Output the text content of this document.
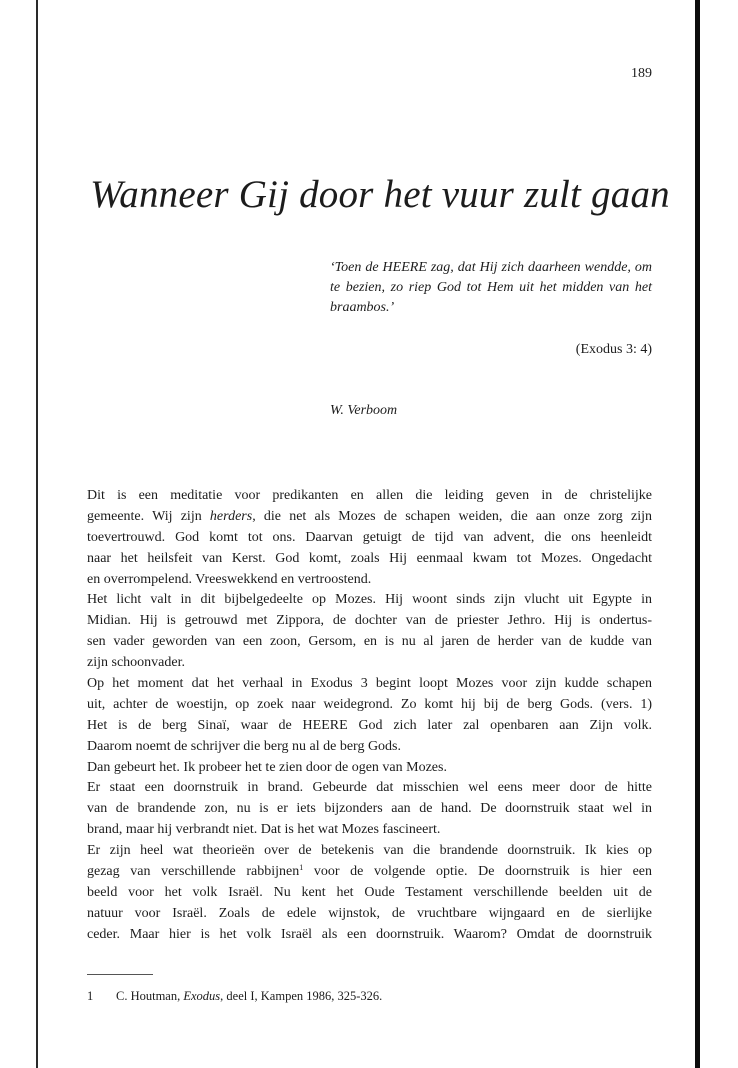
189
Wanneer Gij door het vuur zult gaan
‘Toen de HEERE zag, dat Hij zich daarheen wendde, om te bezien, zo riep God tot Hem uit het midden van het braambos.’
(Exodus 3: 4)
W. Verboom
Dit is een meditatie voor predikanten en allen die leiding geven in de christelijke
gemeente. Wij zijn herders, die net als Mozes de schapen weiden, die aan onze zorg zijn
toevertrouwd. God komt tot ons. Daarvan getuigt de tijd van advent, die ons heenleidt
naar het heilsfeit van Kerst. God komt, zoals Hij eenmaal kwam tot Mozes. Ongedacht
en overrompelend. Vreeswekkend en vertroostend.
Het licht valt in dit bijbelgedeelte op Mozes. Hij woont sinds zijn vlucht uit Egypte in
Midian. Hij is getrouwd met Zippora, de dochter van de priester Jethro. Hij is ondertus-
sen vader geworden van een zoon, Gersom, en is nu al jaren de herder van de kudde van
zijn schoonvader.
Op het moment dat het verhaal in Exodus 3 begint loopt Mozes voor zijn kudde schapen
uit, achter de woestijn, op zoek naar weidegrond. Zo komt hij bij de berg Gods. (vers. 1)
Het is de berg Sinaï, waar de HEERE God zich later zal openbaren aan Zijn volk.
Daarom noemt de schrijver die berg nu al de berg Gods.
Dan gebeurt het. Ik probeer het te zien door de ogen van Mozes.
Er staat een doornstruik in brand. Gebeurde dat misschien wel eens meer door de hitte
van de brandende zon, nu is er iets bijzonders aan de hand. De doornstruik staat wel in
brand, maar hij verbrandt niet. Dat is het wat Mozes fascineert.
Er zijn heel wat theorieën over de betekenis van die brandende doornstruik. Ik kies op
gezag van verschillende rabbijnen$^1$ voor de volgende optie. De doornstruik is hier een
beeld voor het volk Israël. Nu kent het Oude Testament verschillende beelden uit de
natuur voor Israël. Zoals de edele wijnstok, de vruchtbare wijngaard en de sierlijke
ceder. Maar hier is het volk Israël als een doornstruik. Waarom? Omdat de doornstruik
1 C. Houtman, Exodus, deel I, Kampen 1986, 325-326.
